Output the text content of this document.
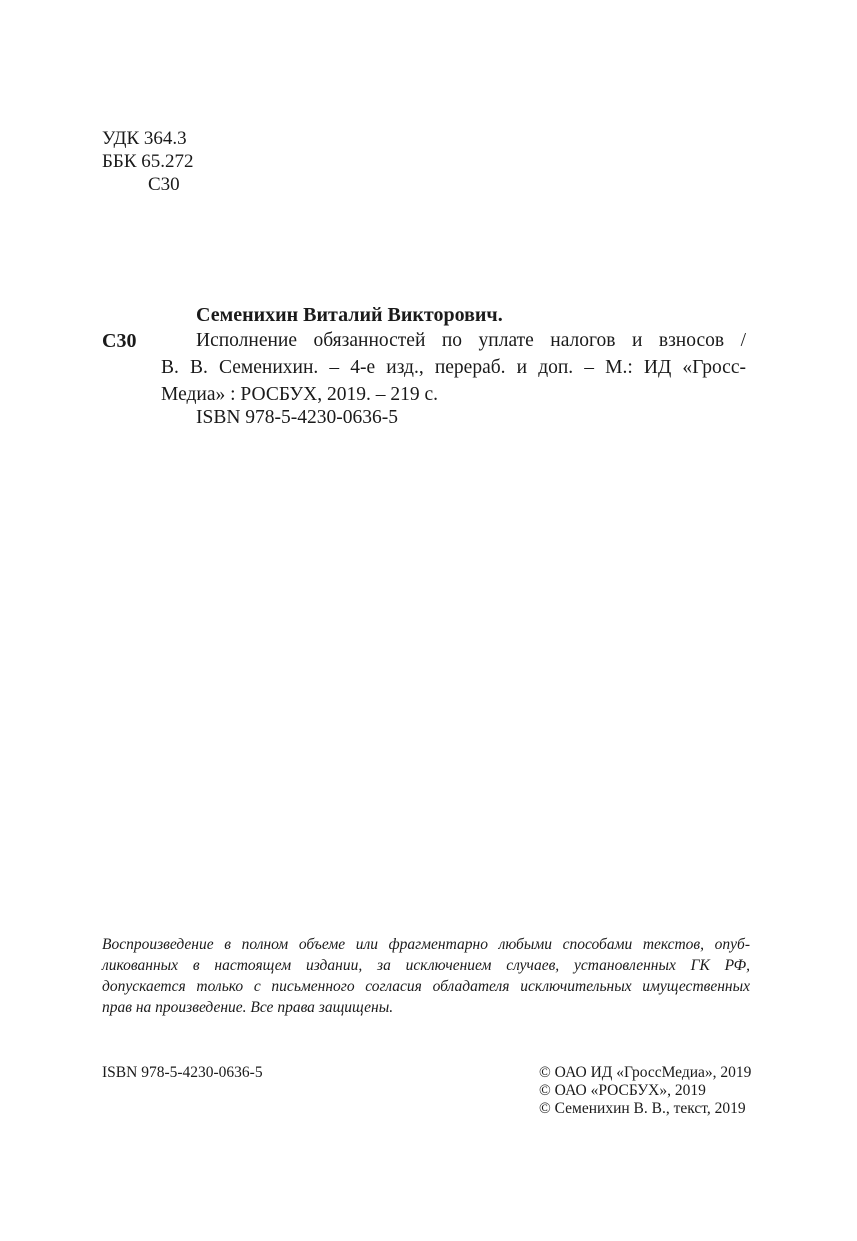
УДК 364.3
ББК 65.272
С30
Семенихин Виталий Викторович.
С30	Исполнение обязанностей по уплате налогов и взносов /
В. В. Семенихин. – 4-е изд., перераб. и доп. – М.: ИД «Гросс-
Медиа» : РОСБУХ, 2019. – 219 с.
ISBN 978-5-4230-0636-5
Воспроизведение в полном объеме или фрагментарно любыми способами текстов, опуб-
ликованных в настоящем издании, за исключением случаев, установленных ГК РФ,
допускается только с письменного согласия обладателя исключительных имущественных
прав на произведение. Все права защищены.
ISBN 978-5-4230-0636-5	© ОАО ИД «ГроссМедиа», 2019
© ОАО «РОСБУХ», 2019
© Семенихин В. В., текст, 2019
